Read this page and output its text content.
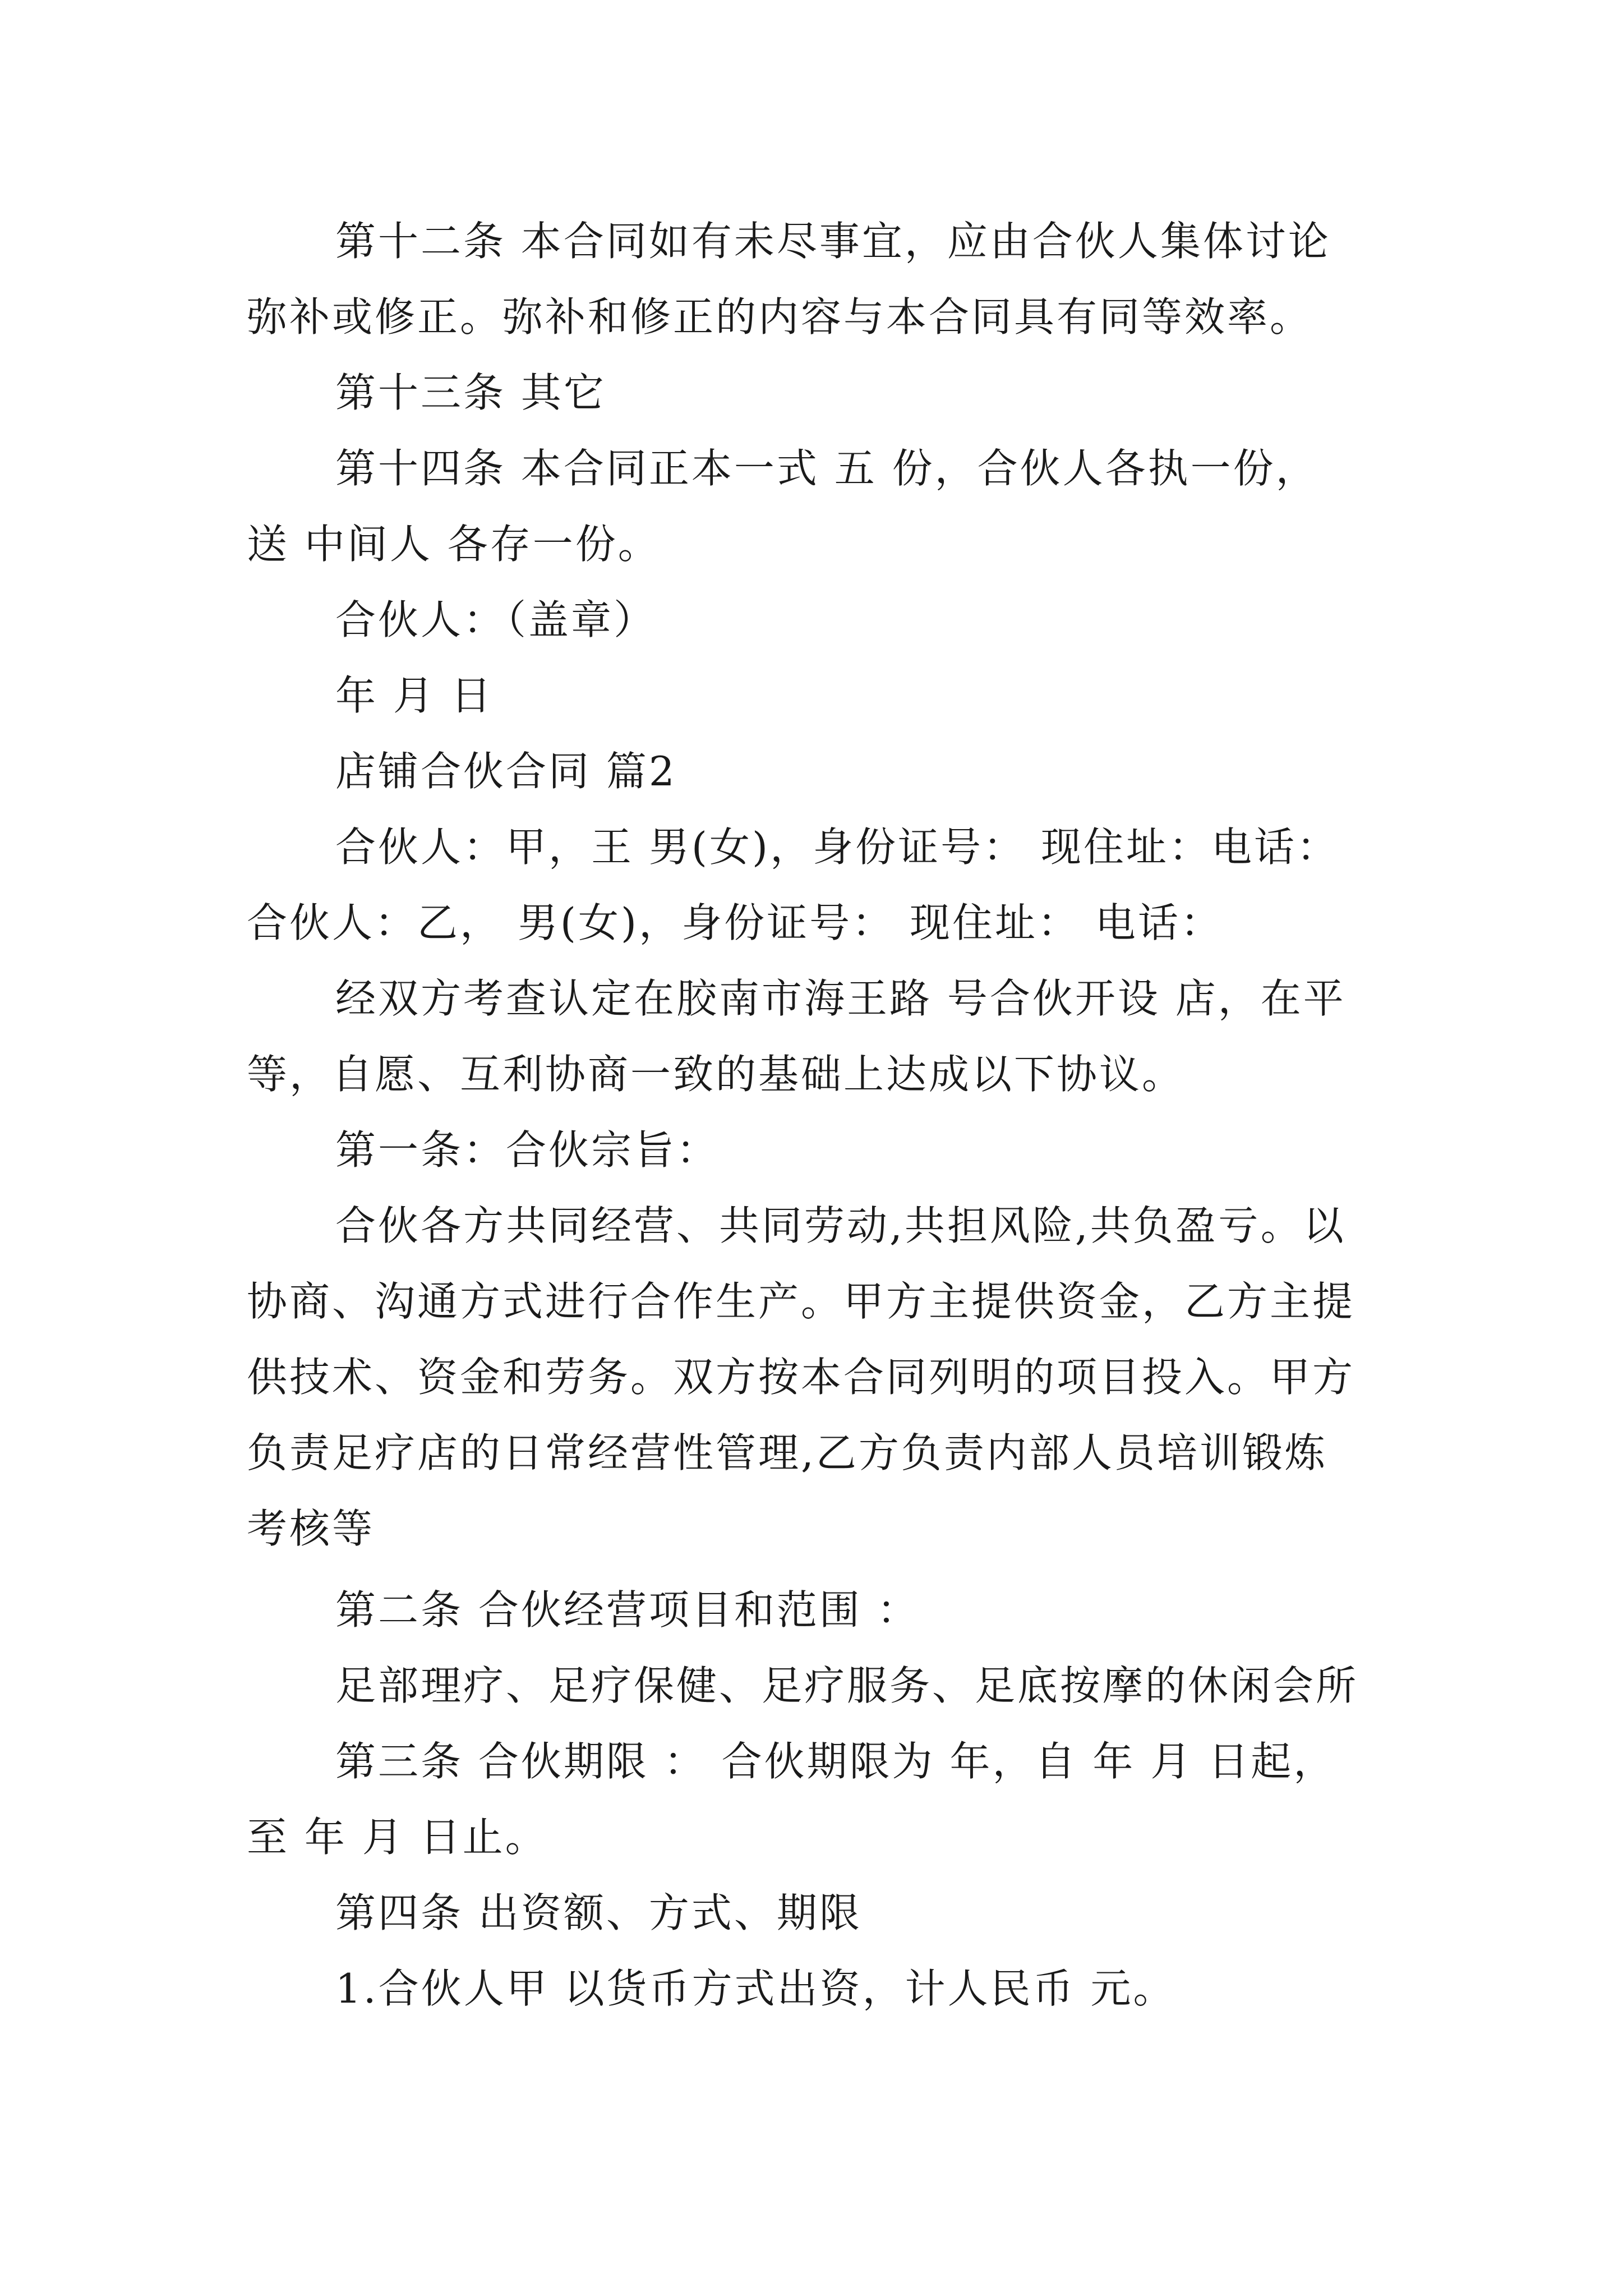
第十二条 本合同如有未尽事宜，应由合伙人集体讨论
弥补或修正。弥补和修正的内容与本合同具有同等效率。
第十三条 其它
第十四条 本合同正本一式 五 份，合伙人各执一份，
送 中间人 各存一份。
合伙人：（盖章）
年 月 日
店铺合伙合同 篇2
合伙人：甲，王 男(女)，身份证号： 现住址：电话：
合伙人：乙， 男(女)，身份证号： 现住址： 电话：
经双方考查认定在胶南市海王路 号合伙开设 店，在平
等，自愿、互利协商一致的基础上达成以下协议。
第一条：合伙宗旨：
合伙各方共同经营、共同劳动,共担风险,共负盈亏。以
协商、沟通方式进行合作生产。甲方主提供资金，乙方主提
供技术、资金和劳务。双方按本合同列明的项目投入。甲方
负责足疗店的日常经营性管理,乙方负责内部人员培训锻炼
考核等
第二条 合伙经营项目和范围 ：
足部理疗、足疗保健、足疗服务、足底按摩的休闲会所
第三条 合伙期限 ： 合伙期限为 年，自 年 月 日起，
至 年 月 日止。
第四条 出资额、方式、期限
1.合伙人甲 以货币方式出资，计人民币 元。
